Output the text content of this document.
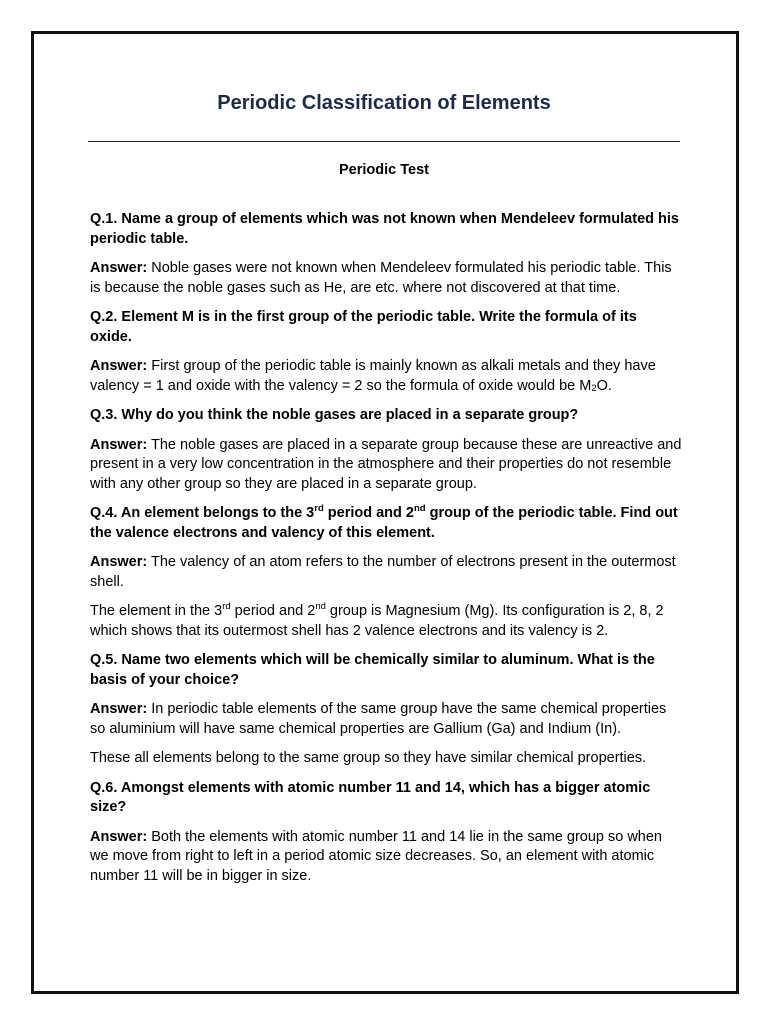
Periodic Classification of Elements
Periodic Test

Q.1. Name a group of elements which was not known when Mendeleev formulated his periodic table.

Answer: Noble gases were not known when Mendeleev formulated his periodic table. This is because the noble gases such as He, are etc. where not discovered at that time.

Q.2. Element M is in the first group of the periodic table. Write the formula of its oxide.

Answer: First group of the periodic table is mainly known as alkali metals and they have valency = 1 and oxide with the valency = 2 so the formula of oxide would be $M_2O$.

Q.3. Why do you think the noble gases are placed in a separate group?

Answer: The noble gases are placed in a separate group because these are unreactive and present in a very low concentration in the atmosphere and their properties do not resemble with any other group so they are placed in a separate group.

Q.4. An element belongs to the 3rd period and 2nd group of the periodic table. Find out the valence electrons and valency of this element.

Answer: The valency of an atom refers to the number of electrons present in the outermost shell.

The element in the 3rd period and 2nd group is Magnesium (Mg). Its configuration is 2, 8, 2 which shows that its outermost shell has 2 valence electrons and its valency is 2.

Q.5. Name two elements which will be chemically similar to aluminum. What is the basis of your choice?

Answer: In periodic table elements of the same group have the same chemical properties so aluminium will have same chemical properties are Gallium (Ga) and Indium (In).

These all elements belong to the same group so they have similar chemical properties.

Q.6. Amongst elements with atomic number 11 and 14, which has a bigger atomic size?

Answer: Both the elements with atomic number 11 and 14 lie in the same group so when we move from right to left in a period atomic size decreases. So, an element with atomic number 11 will be in bigger in size.
